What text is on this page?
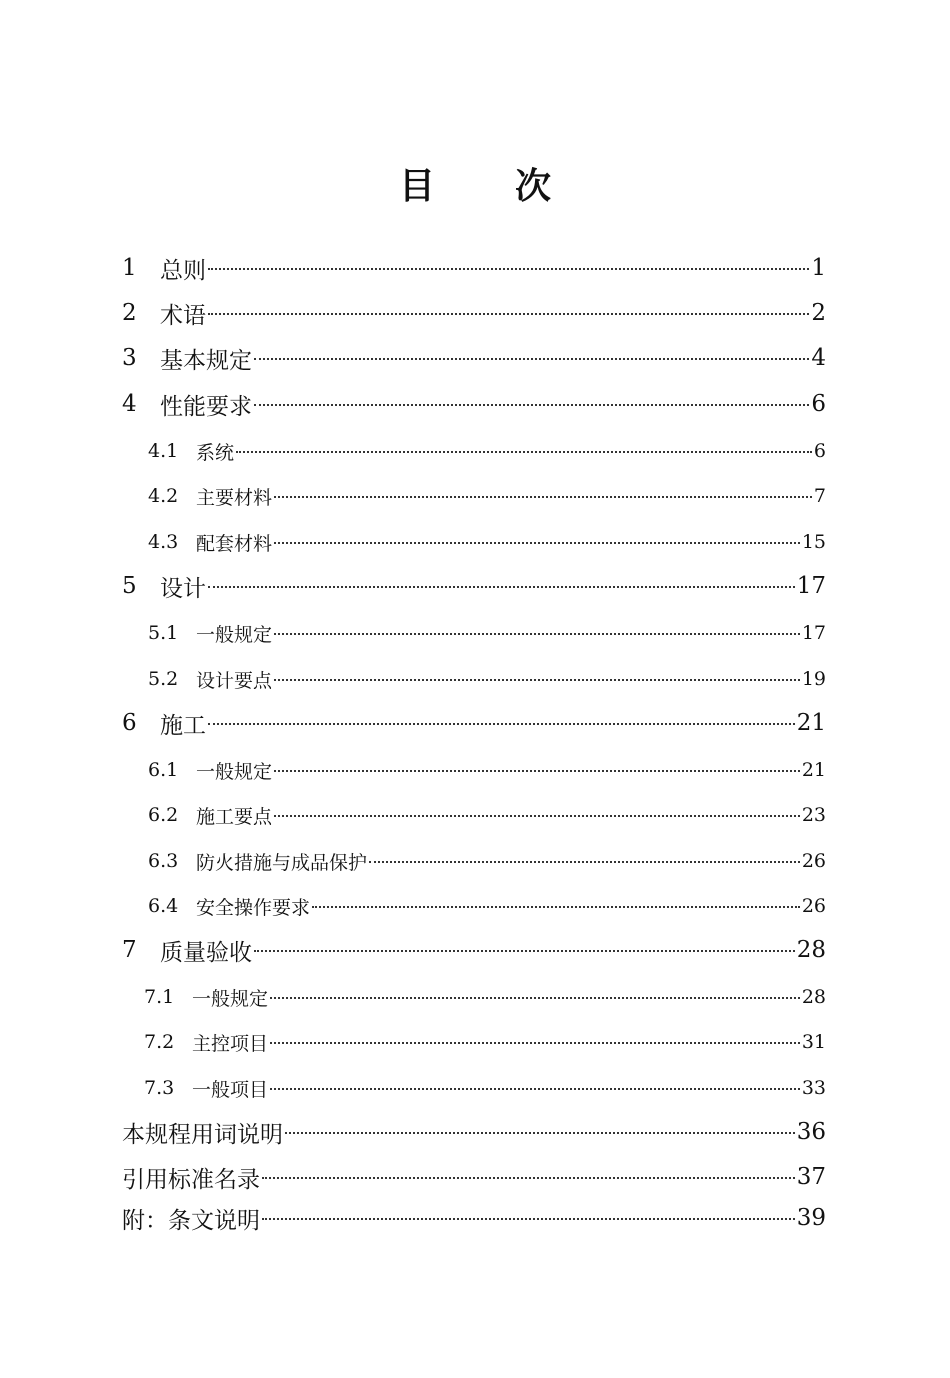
目 次
1	总则	1
2	术语	2
3	基本规定	4
4	性能要求	6
4.1 系统	6
4.2 主要材料	7
4.3 配套材料	15
5	设计	17
5.1 一般规定	17
5.2 设计要点	19
6	施工	21
6.1 一般规定	21
6.2 施工要点	23
6.3 防火措施与成品保护	26
6.4 安全操作要求	26
7	质量验收	28
7.1 一般规定	28
7.2 主控项目	31
7.3 一般项目	33
本规程用词说明	36
引用标准名录	37
附：条文说明	39
